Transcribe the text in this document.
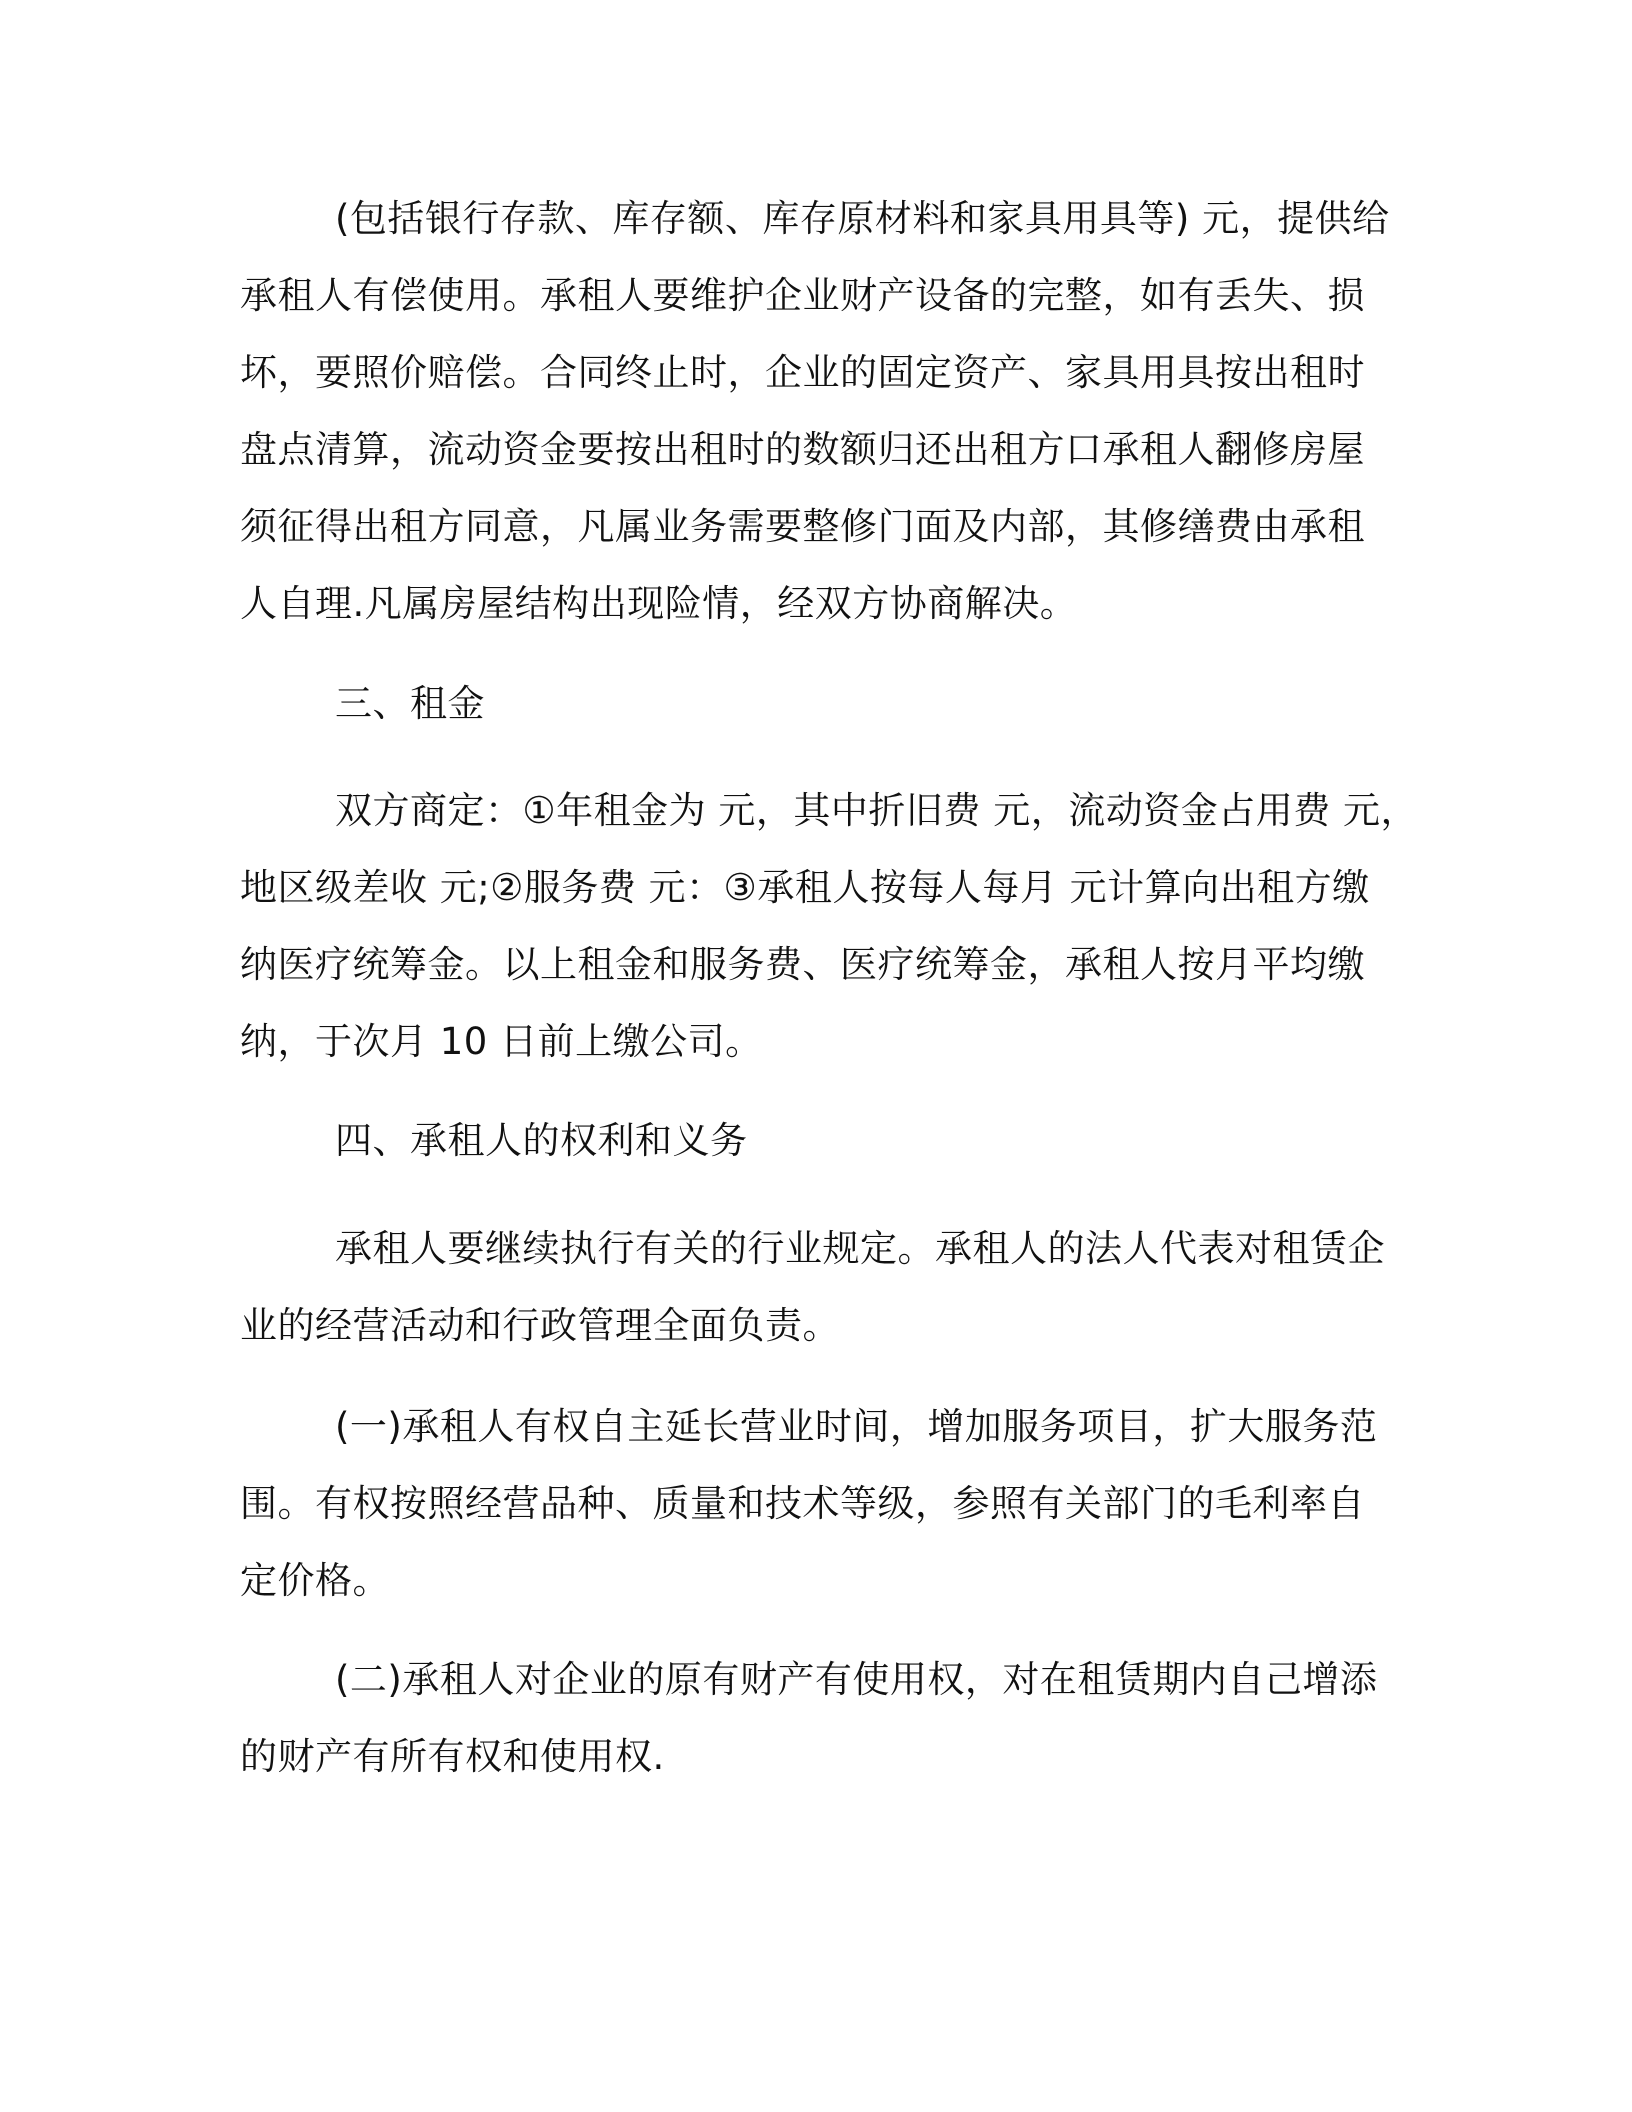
(包括银行存款、库存额、库存原材料和家具用具等) 元，提供给
承租人有偿使用。承租人要维护企业财产设备的完整，如有丢失、损
坏，要照价赔偿。合同终止时，企业的固定资产、家具用具按出租时
盘点清算，流动资金要按出租时的数额归还出租方口承租人翻修房屋
须征得出租方同意，凡属业务需要整修门面及内部，其修缮费由承租
人自理.凡属房屋结构出现险情，经双方协商解决。
三、租金
双方商定：①年租金为 元，其中折旧费 元，流动资金占用费 元，
地区级差收 元;②服务费 元：③承租人按每人每月 元计算向出租方缴
纳医疗统筹金。以上租金和服务费、医疗统筹金，承租人按月平均缴
纳，于次月 10 日前上缴公司。
四、承租人的权利和义务
承租人要继续执行有关的行业规定。承租人的法人代表对租赁企
业的经营活动和行政管理全面负责。
(一)承租人有权自主延长营业时间，增加服务项目，扩大服务范
围。有权按照经营品种、质量和技术等级，参照有关部门的毛利率自
定价格。
(二)承租人对企业的原有财产有使用权，对在租赁期内自己增添
的财产有所有权和使用权.
